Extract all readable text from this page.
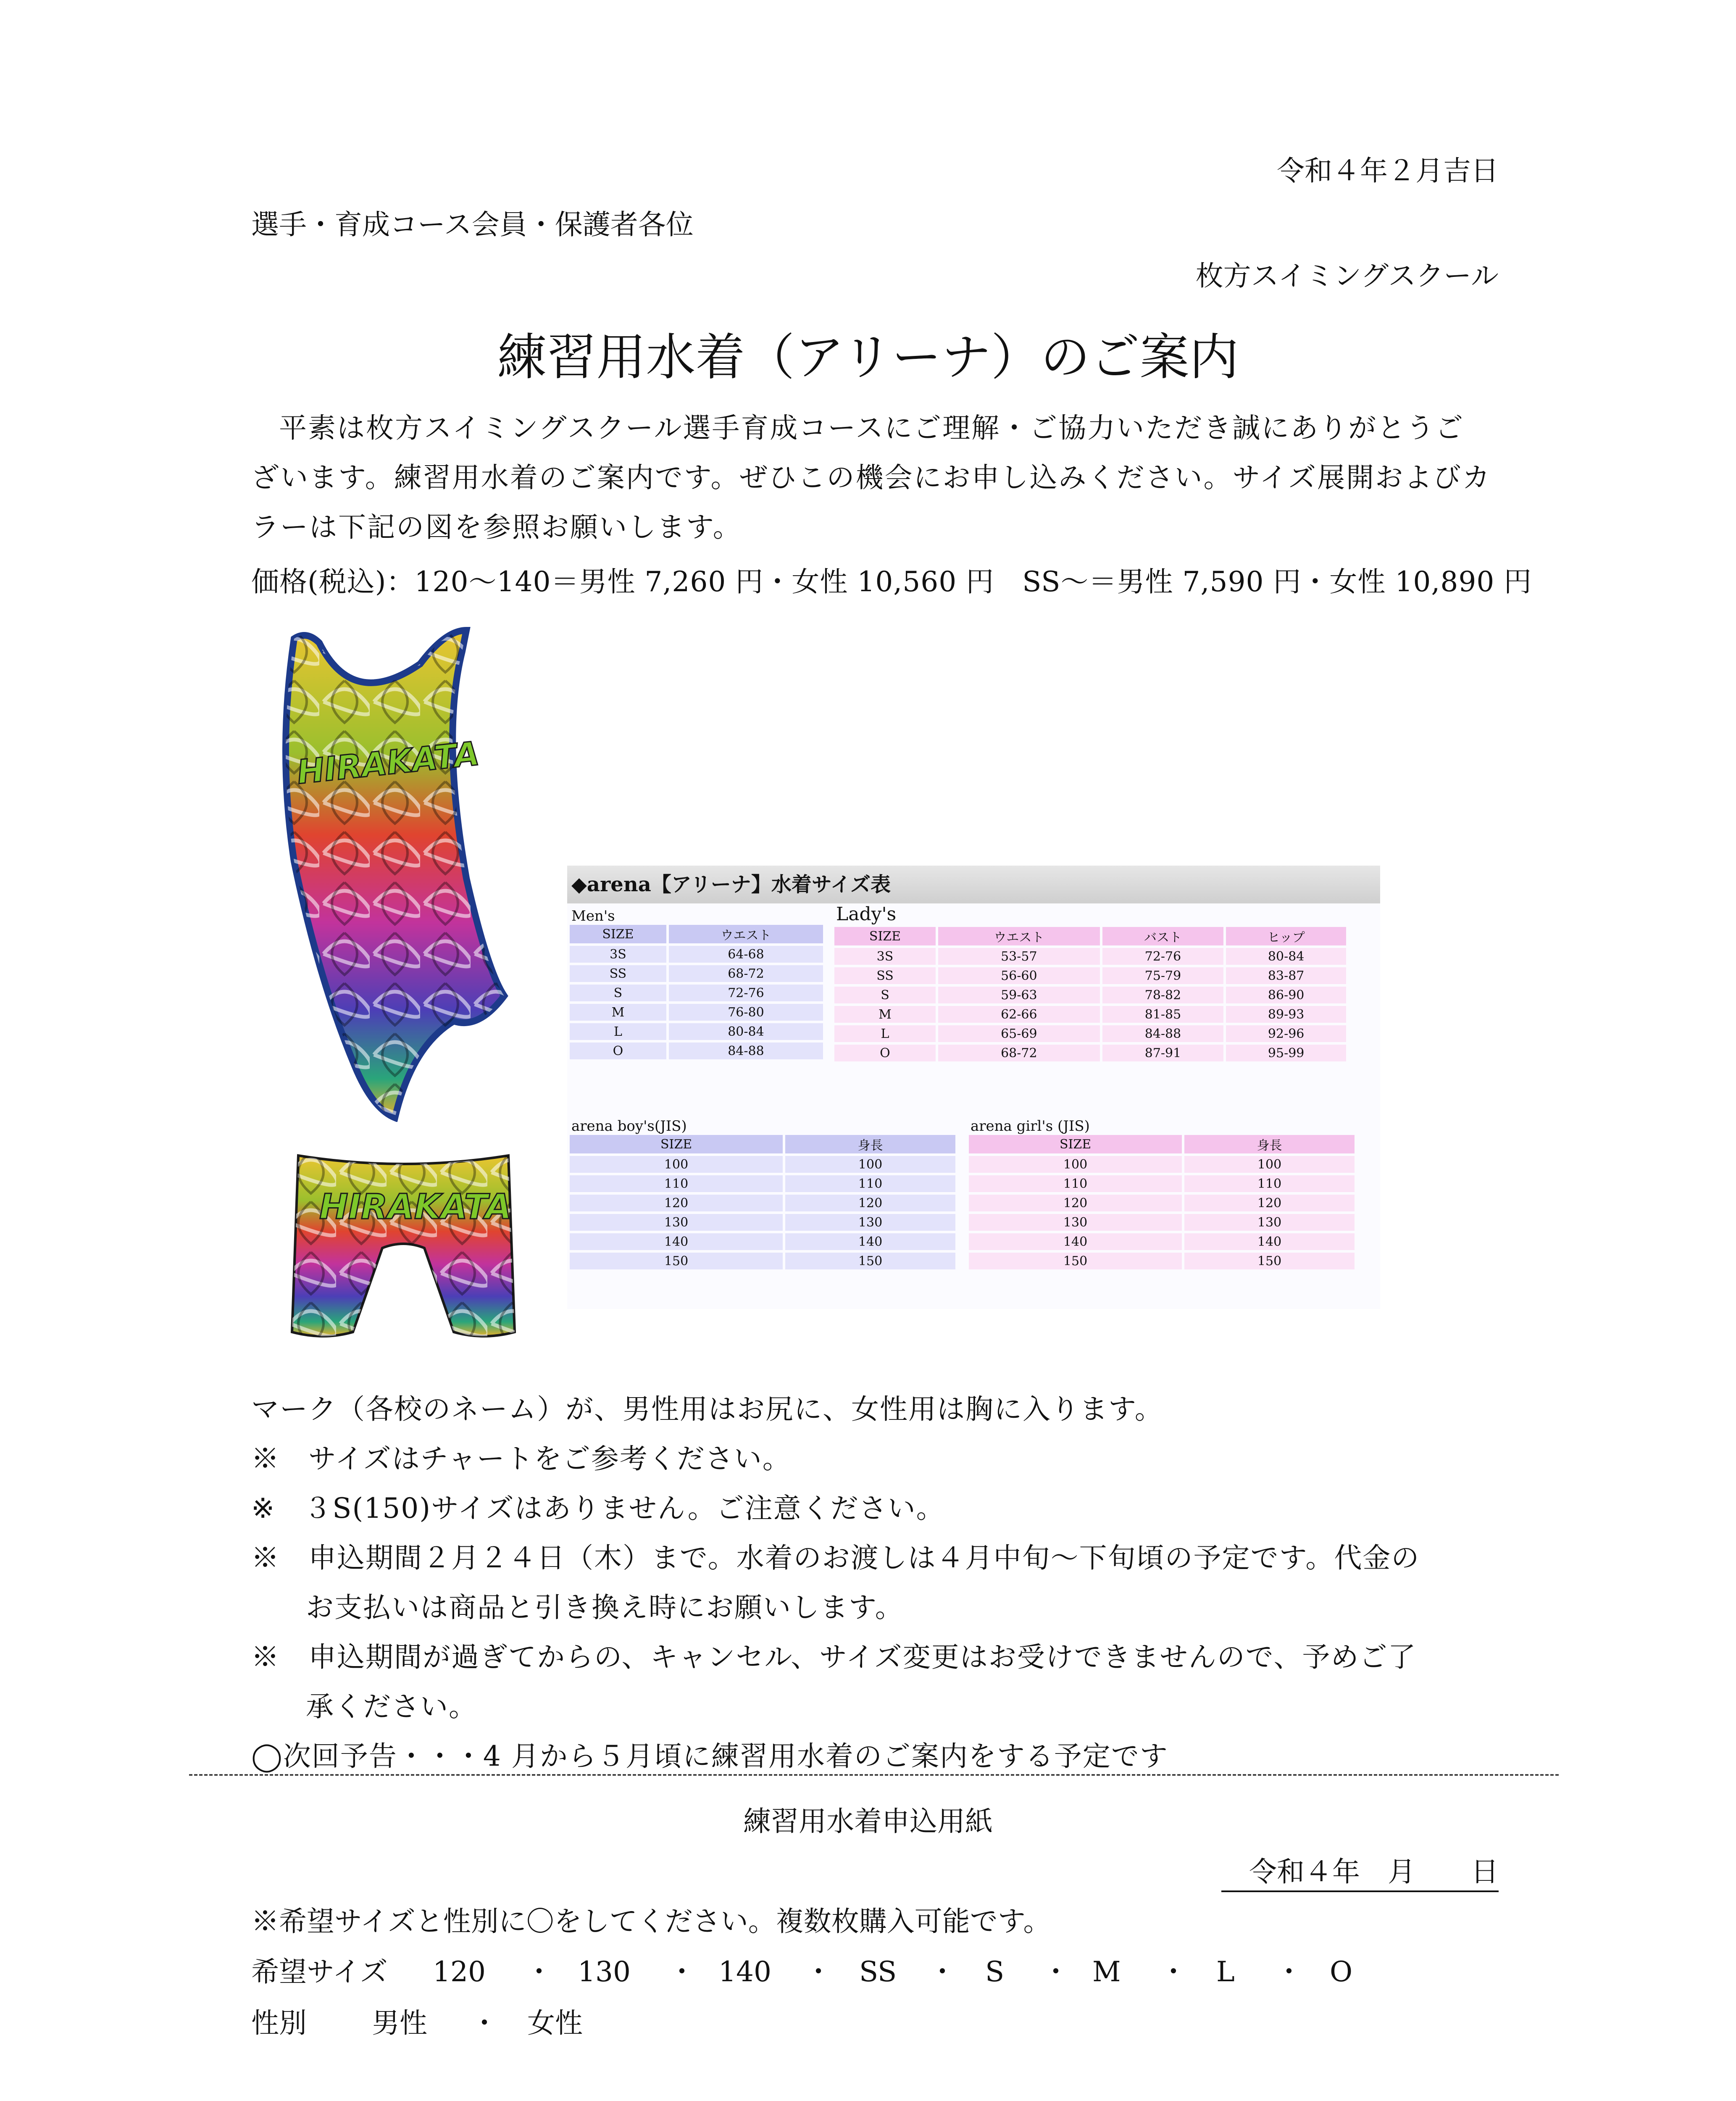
令和４年２月吉日
選手・育成コース会員・保護者各位
枚方スイミングスクール
練習用水着（アリーナ）のご案内
平素は枚方スイミングスクール選手育成コースにご理解・ご協力いただき誠にありがとうご
ざいます。練習用水着のご案内です。ぜひこの機会にお申し込みください。サイズ展開およびカ
ラーは下記の図を参照お願いします。
価格(税込)：120～140＝男性 7,260 円・女性 10,560 円　SS～＝男性 7,590 円・女性 10,890 円
HIRAKATA
HIRAKATA
◆arena【アリーナ】水着サイズ表
Men's
SIZE	ウエスト
3S	64-68
SS	68-72
S	72-76
M	76-80
L	80-84
O	84-88
Lady's
SIZE	ウエスト	バスト	ヒップ
3S	53-57	72-76	80-84
SS	56-60	75-79	83-87
S	59-63	78-82	86-90
M	62-66	81-85	89-93
L	65-69	84-88	92-96
O	68-72	87-91	95-99
arena boy's(JIS)
SIZE	身長
100	100
110	110
120	120
130	130
140	140
150	150
arena girl's (JIS)
SIZE	身長
100	100
110	110
120	120
130	130
140	140
150	150
マーク（各校のネーム）が、男性用はお尻に、女性用は胸に入ります。
※　サイズはチャートをご参考ください。
※　３S(150)サイズはありません。ご注意ください。
※　申込期間２月２４日（木）まで。水着のお渡しは４月中旬～下旬頃の予定です。代金の
お支払いは商品と引き換え時にお願いします。
※　申込期間が過ぎてからの、キャンセル、サイズ変更はお受けできませんので、予めご了
承ください。
◯次回予告・・・4 月から５月頃に練習用水着のご案内をする予定です
練習用水着申込用紙
令和４年　月　　日
※希望サイズと性別に〇をしてください。複数枚購入可能です。
希望サイズ 120 ・ 130 ・ 140 ・ SS ・ S ・ M ・ L ・ O
性別 男性 ・ 女性
